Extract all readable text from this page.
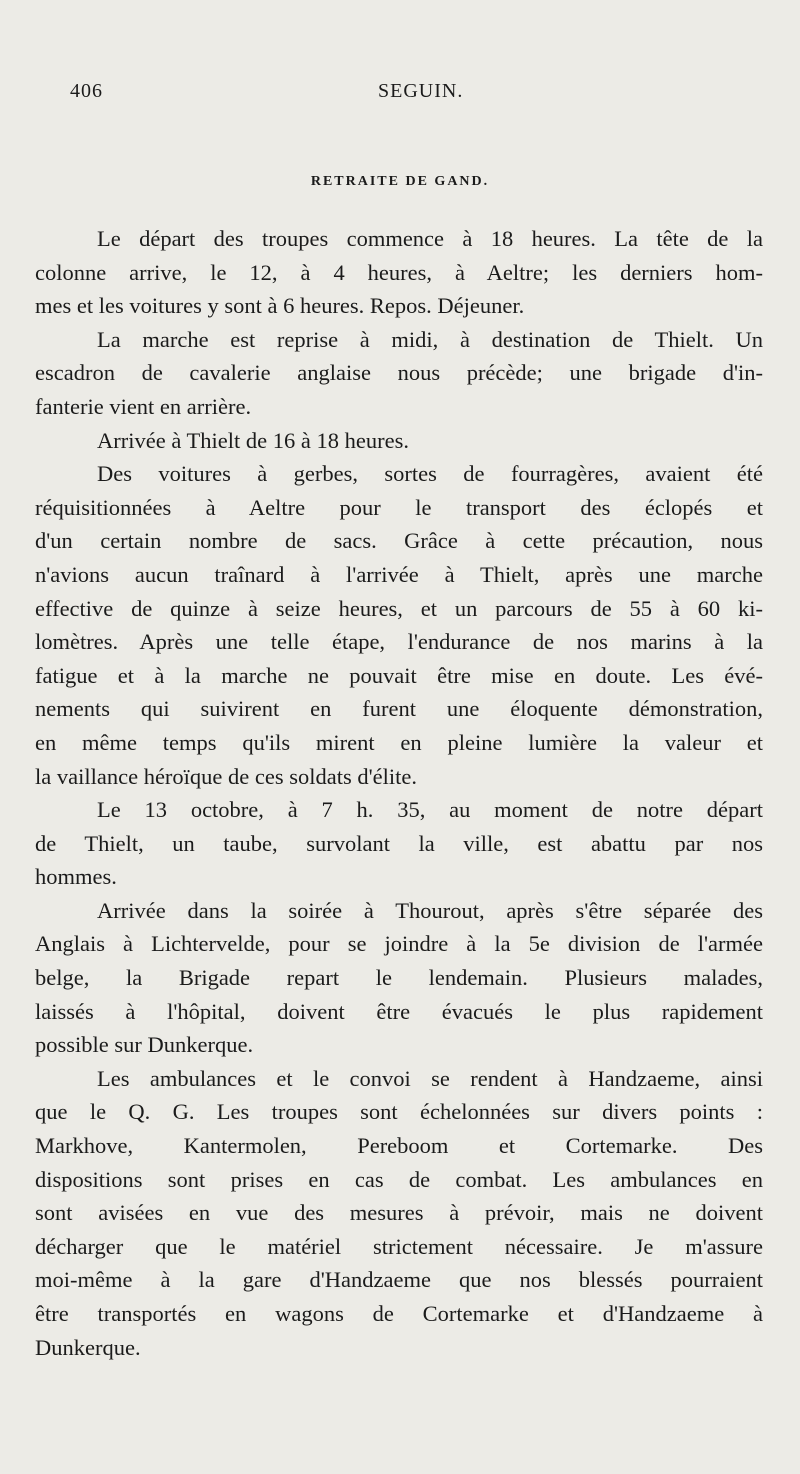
406	SEGUIN.
RETRAITE DE GAND.
Le départ des troupes commence à 18 heures. La tête de la
colonne arrive, le 12, à 4 heures, à Aeltre; les derniers hom-
mes et les voitures y sont à 6 heures. Repos. Déjeuner.
La marche est reprise à midi, à destination de Thielt. Un
escadron de cavalerie anglaise nous précède; une brigade d'in-
fanterie vient en arrière.
Arrivée à Thielt de 16 à 18 heures.
Des voitures à gerbes, sortes de fourragères, avaient été
réquisitionnées à Aeltre pour le transport des éclopés et
d'un certain nombre de sacs. Grâce à cette précaution, nous
n'avions aucun traînard à l'arrivée à Thielt, après une marche
effective de quinze à seize heures, et un parcours de 55 à 60 ki-
lomètres. Après une telle étape, l'endurance de nos marins à la
fatigue et à la marche ne pouvait être mise en doute. Les évé-
nements qui suivirent en furent une éloquente démonstration,
en même temps qu'ils mirent en pleine lumière la valeur et
la vaillance héroïque de ces soldats d'élite.
Le 13 octobre, à 7 h. 35, au moment de notre départ
de Thielt, un taube, survolant la ville, est abattu par nos
hommes.
Arrivée dans la soirée à Thourout, après s'être séparée des
Anglais à Lichtervelde, pour se joindre à la 5e division de l'armée
belge, la Brigade repart le lendemain. Plusieurs malades,
laissés à l'hôpital, doivent être évacués le plus rapidement
possible sur Dunkerque.
Les ambulances et le convoi se rendent à Handzaeme, ainsi
que le Q. G. Les troupes sont échelonnées sur divers points :
Markhove, Kantermolen, Pereboom et Cortemarke. Des
dispositions sont prises en cas de combat. Les ambulances en
sont avisées en vue des mesures à prévoir, mais ne doivent
décharger que le matériel strictement nécessaire. Je m'assure
moi-même à la gare d'Handzaeme que nos blessés pourraient
être transportés en wagons de Cortemarke et d'Handzaeme à
Dunkerque.
